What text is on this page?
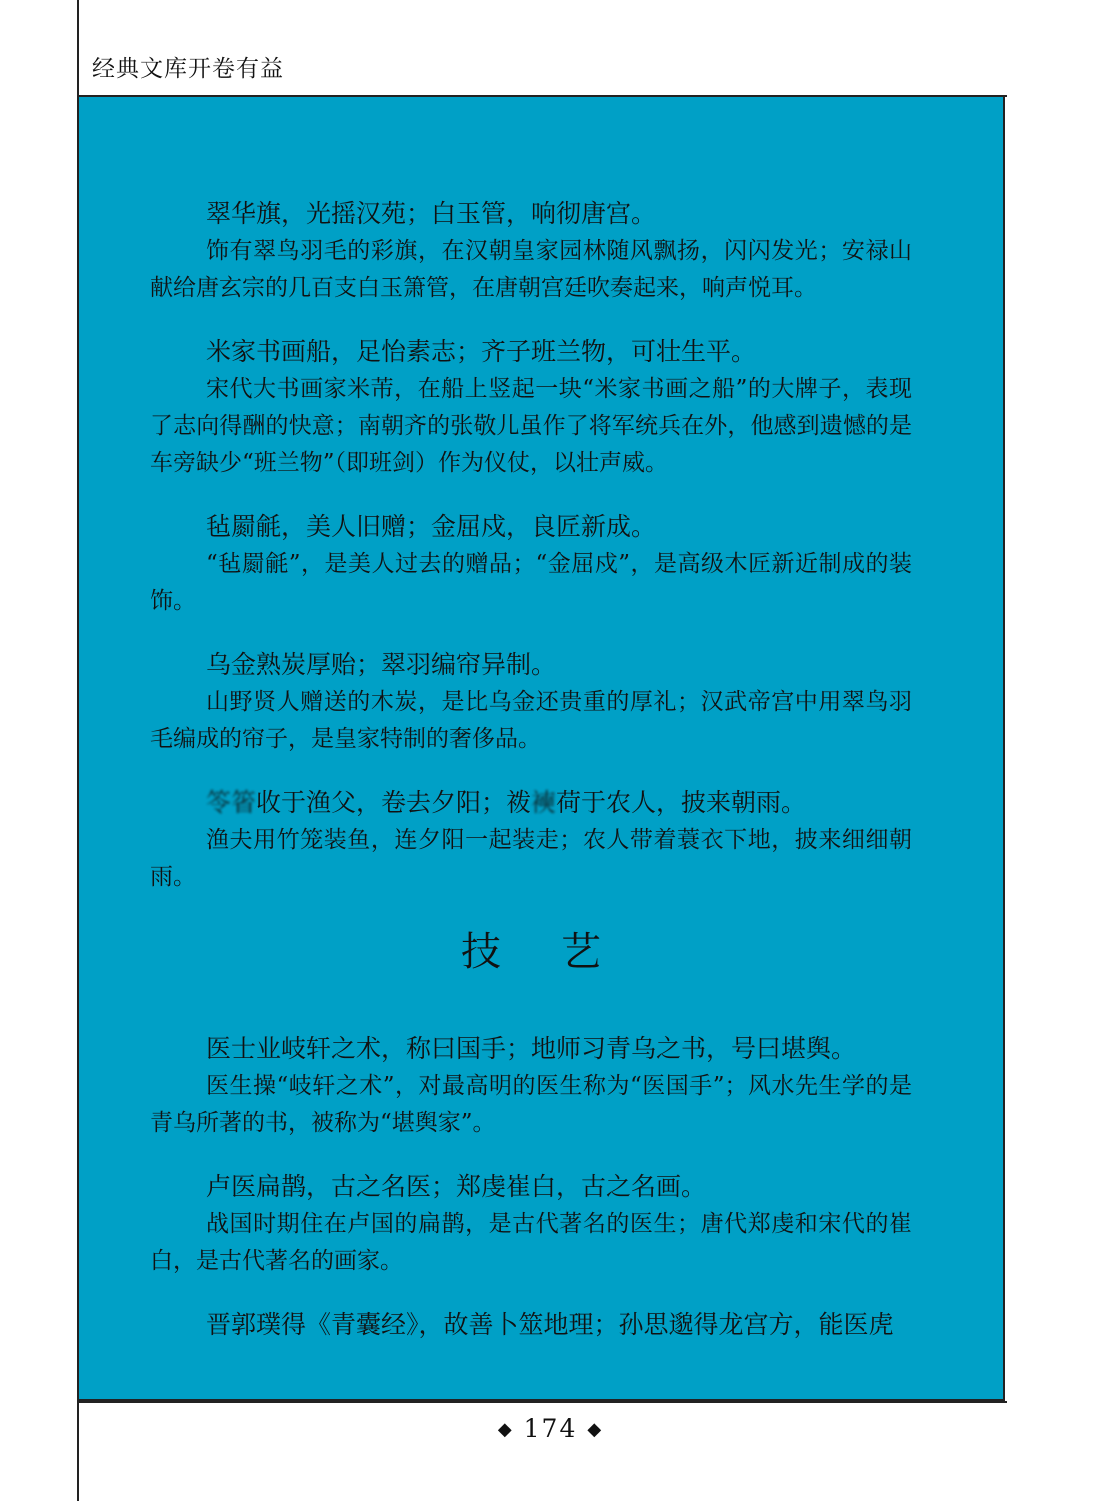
经典文库开卷有益

翠华旗，光摇汉苑；白玉管，响彻唐宫。

饰有翠鸟羽毛的彩旗，在汉朝皇家园林随风飘扬，闪闪发光；安禄山献给唐玄宗的几百支白玉箫管，在唐朝宫廷吹奏起来，响声悦耳。

米家书画船，足怡素志；齐子班兰物，可壮生平。

宋代大书画家米芾，在船上竖起一块“米家书画之船”的大牌子，表现了志向得酬的快意；南朝齐的张敬儿虽作了将军统兵在外，他感到遗憾的是车旁缺少“班兰物”（即班剑）作为仪仗，以壮声威。

毡罽毹，美人旧赠；金屈戍，良匠新成。

“毡罽毹”，是美人过去的赠品；“金屈戍”，是高级木匠新近制成的装饰。

乌金熟炭厚贻；翠羽编帘异制。

山野贤人赠送的木炭，是比乌金还贵重的厚礼；汉武帝宫中用翠鸟羽毛编成的帘子，是皇家特制的奢侈品。

笭箵收于渔父，卷去夕阳；袯襫荷于农人，披来朝雨。

渔夫用竹笼装鱼，连夕阳一起装走；农人带着蓑衣下地，披来细细朝雨。

技艺

医士业岐轩之术，称曰国手；地师习青乌之书，号曰堪舆。

医生操“岐轩之术”，对最高明的医生称为“医国手”；风水先生学的是青乌所著的书，被称为“堪舆家”。

卢医扁鹊，古之名医；郑虔崔白，古之名画。

战国时期住在卢国的扁鹊，是古代著名的医生；唐代郑虔和宋代的崔白，是古代著名的画家。

晋郭璞得《青囊经》，故善卜筮地理；孙思邈得龙宫方，能医虎

◆ 174 ◆
